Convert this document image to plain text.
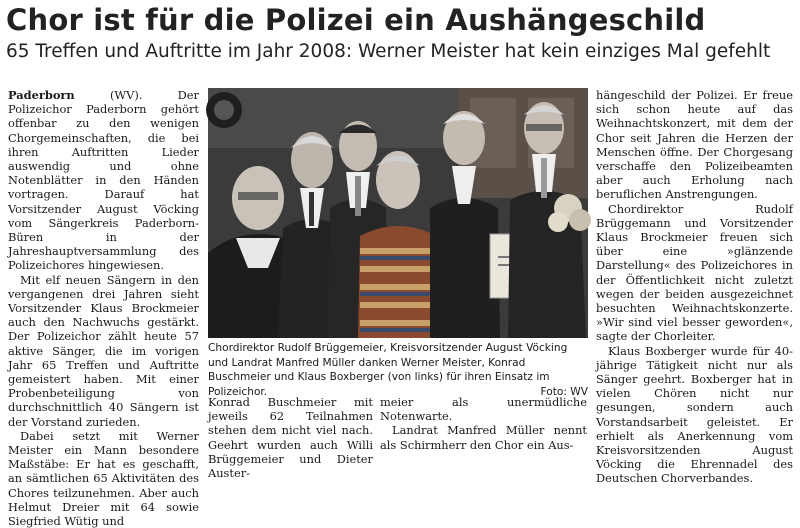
Chor ist für die Polizei ein Aushängeschild
65 Treffen und Auftritte im Jahr 2008: Werner Meister hat kein einziges Mal gefehlt

Paderborn (WV). Der Polizeichor Paderborn gehört offenbar zu den wenigen Chorgemeinschaften, die bei ihren Auftritten Lieder auswendig und ohne Notenblätter in den Händen vortragen. Darauf hat Vorsitzender August Vöcking vom Sängerkreis Paderborn-Büren in der Jahreshauptversammlung des Polizeichores hingewiesen.

Mit elf neuen Sängern in den vergangenen drei Jahren sieht Vorsitzender Klaus Brockmeier auch den Nachwuchs gestärkt. Der Polizeichor zählt heute 57 aktive Sänger, die im vorigen Jahr 65 Treffen und Auftritte gemeistert haben. Mit einer Probenbeteiligung von durchschnittlich 40 Sängern ist der Vorstand zurieden.

Dabei setzt mit Werner Meister ein Mann besondere Maßstäbe: Er hat es geschafft, an sämtlichen 65 Aktivitäten des Chores teilzunehmen. Aber auch Helmut Dreier mit 64 sowie Siegfried Wütig und

Chordirektor Rudolf Brüggemeier, Kreisvorsitzender August Vöcking und Landrat Manfred Müller danken Werner Meister, Konrad Buschmeier und Klaus Boxberger (von links) für ihren Einsatz im Polizeichor.	Foto: WV

Konrad Buschmeier mit jeweils 62 Teilnahmen stehen dem nicht viel nach. Geehrt wurden auch Willi Brüggemeier und Dieter Auster-

meier als unermüdliche Notenwarte.

Landrat Manfred Müller nennt als Schirmherr den Chor ein Aus-

hängeschild der Polizei. Er freue sich schon heute auf das Weihnachtskonzert, mit dem der Chor seit Jahren die Herzen der Menschen öffne. Der Chorgesang verschaffe den Polizeibeamten aber auch Erholung nach beruflichen Anstrengungen.

Chordirektor Rudolf Brüggemann und Vorsitzender Klaus Brockmeier freuen sich über eine »glänzende Darstellung« des Polizeichores in der Öffentlichkeit nicht zuletzt wegen der beiden ausgezeichnet besuchten Weihnachtskonzerte. »Wir sind viel besser geworden«, sagte der Chorleiter.

Klaus Boxberger wurde für 40-jährige Tätigkeit nicht nur als Sänger geehrt. Boxberger hat in vielen Chören nicht nur gesungen, sondern auch Vorstandsarbeit geleistet. Er erhielt als Anerkennung vom Kreisvorsitzenden August Vöcking die Ehrennadel des Deutschen Chorverbandes.
